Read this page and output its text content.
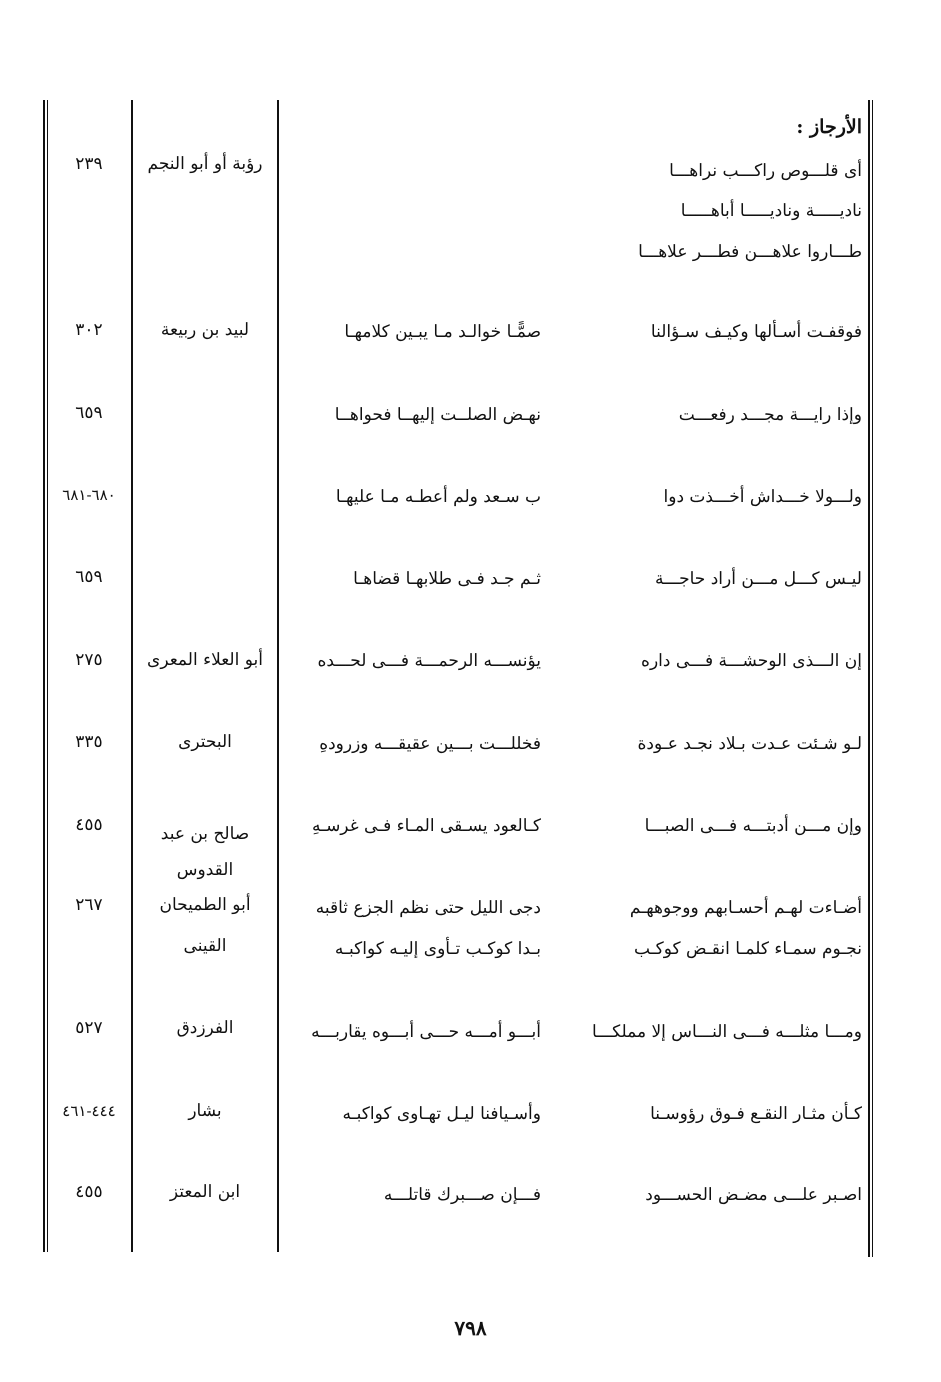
الأرجاز :
أى قلـــوص راكـــب نراهـــا
رؤبة أو أبو النجم
٢٣٩
ناديـــــة وناديـــــا أباهـــــا
طـــاروا علاهـــن فطـــر علاهـــا
فوقفـت أسـألها وكيـف سـؤالنا
صمًّـا خوالـد مـا يبـين كلامهـا
لبيد بن ربيعة
٣٠٢
وإذا رايـــة مجـــد رفعـــت
نهـض الصلــت إليهــا فحواهــا
٦٥٩
ولـــولا خـــداش أخـــذت دوا
ب سـعد ولم أعطـه مـا عليهـا
٦٨٠-٦٨١
ليـس كـــل مـــن أراد حاجـــة
ثـم جـد فـى طلابهـا قضاهـا
٦٥٩
إن الـــذى الوحشـــة فـــى داره
يؤنســـه الرحمـــة فـــى لحـــده
أبو العلاء المعرى
٢٧٥
لـو شـئت عـدت بـلاد نجـد عـودة
فخللـــت بـــين عقيقـــه وزرودهِ
البحترى
٣٣٥
وإن مـــن أدبتـــه فـــى الصبـــا
كـالعود يسـقى المـاء فـى غرسـهِ
صالح بن عبد القدوس
٤٥٥
أضـاءت لهـم أحسـابهم ووجوههـم
دجى الليل حتى نظم الجزع ثاقبه
أبو الطميحان
٢٦٧
نجـوم سمـاء كلمـا انقـض كوكـب
بـدا كوكـب تـأوى إليـه كواكبـه
القينى
ومـــا مثلـــه فـــى النـــاس إلا مملكـــا
أبـــو أمـــه حـــى أبـــوه يقاربـــه
الفرزدق
٥٢٧
كـأن مثـار النقـع فـوق رؤوسـنا
وأسـيافنا ليـل تهـاوى كواكبـه
بشار
٤٤٤-٤٦١
اصـبر علـــى مضـض الحســـود
فـــإن صـــبرك قاتلـــه
ابن المعتز
٤٥٥
٧٩٨
